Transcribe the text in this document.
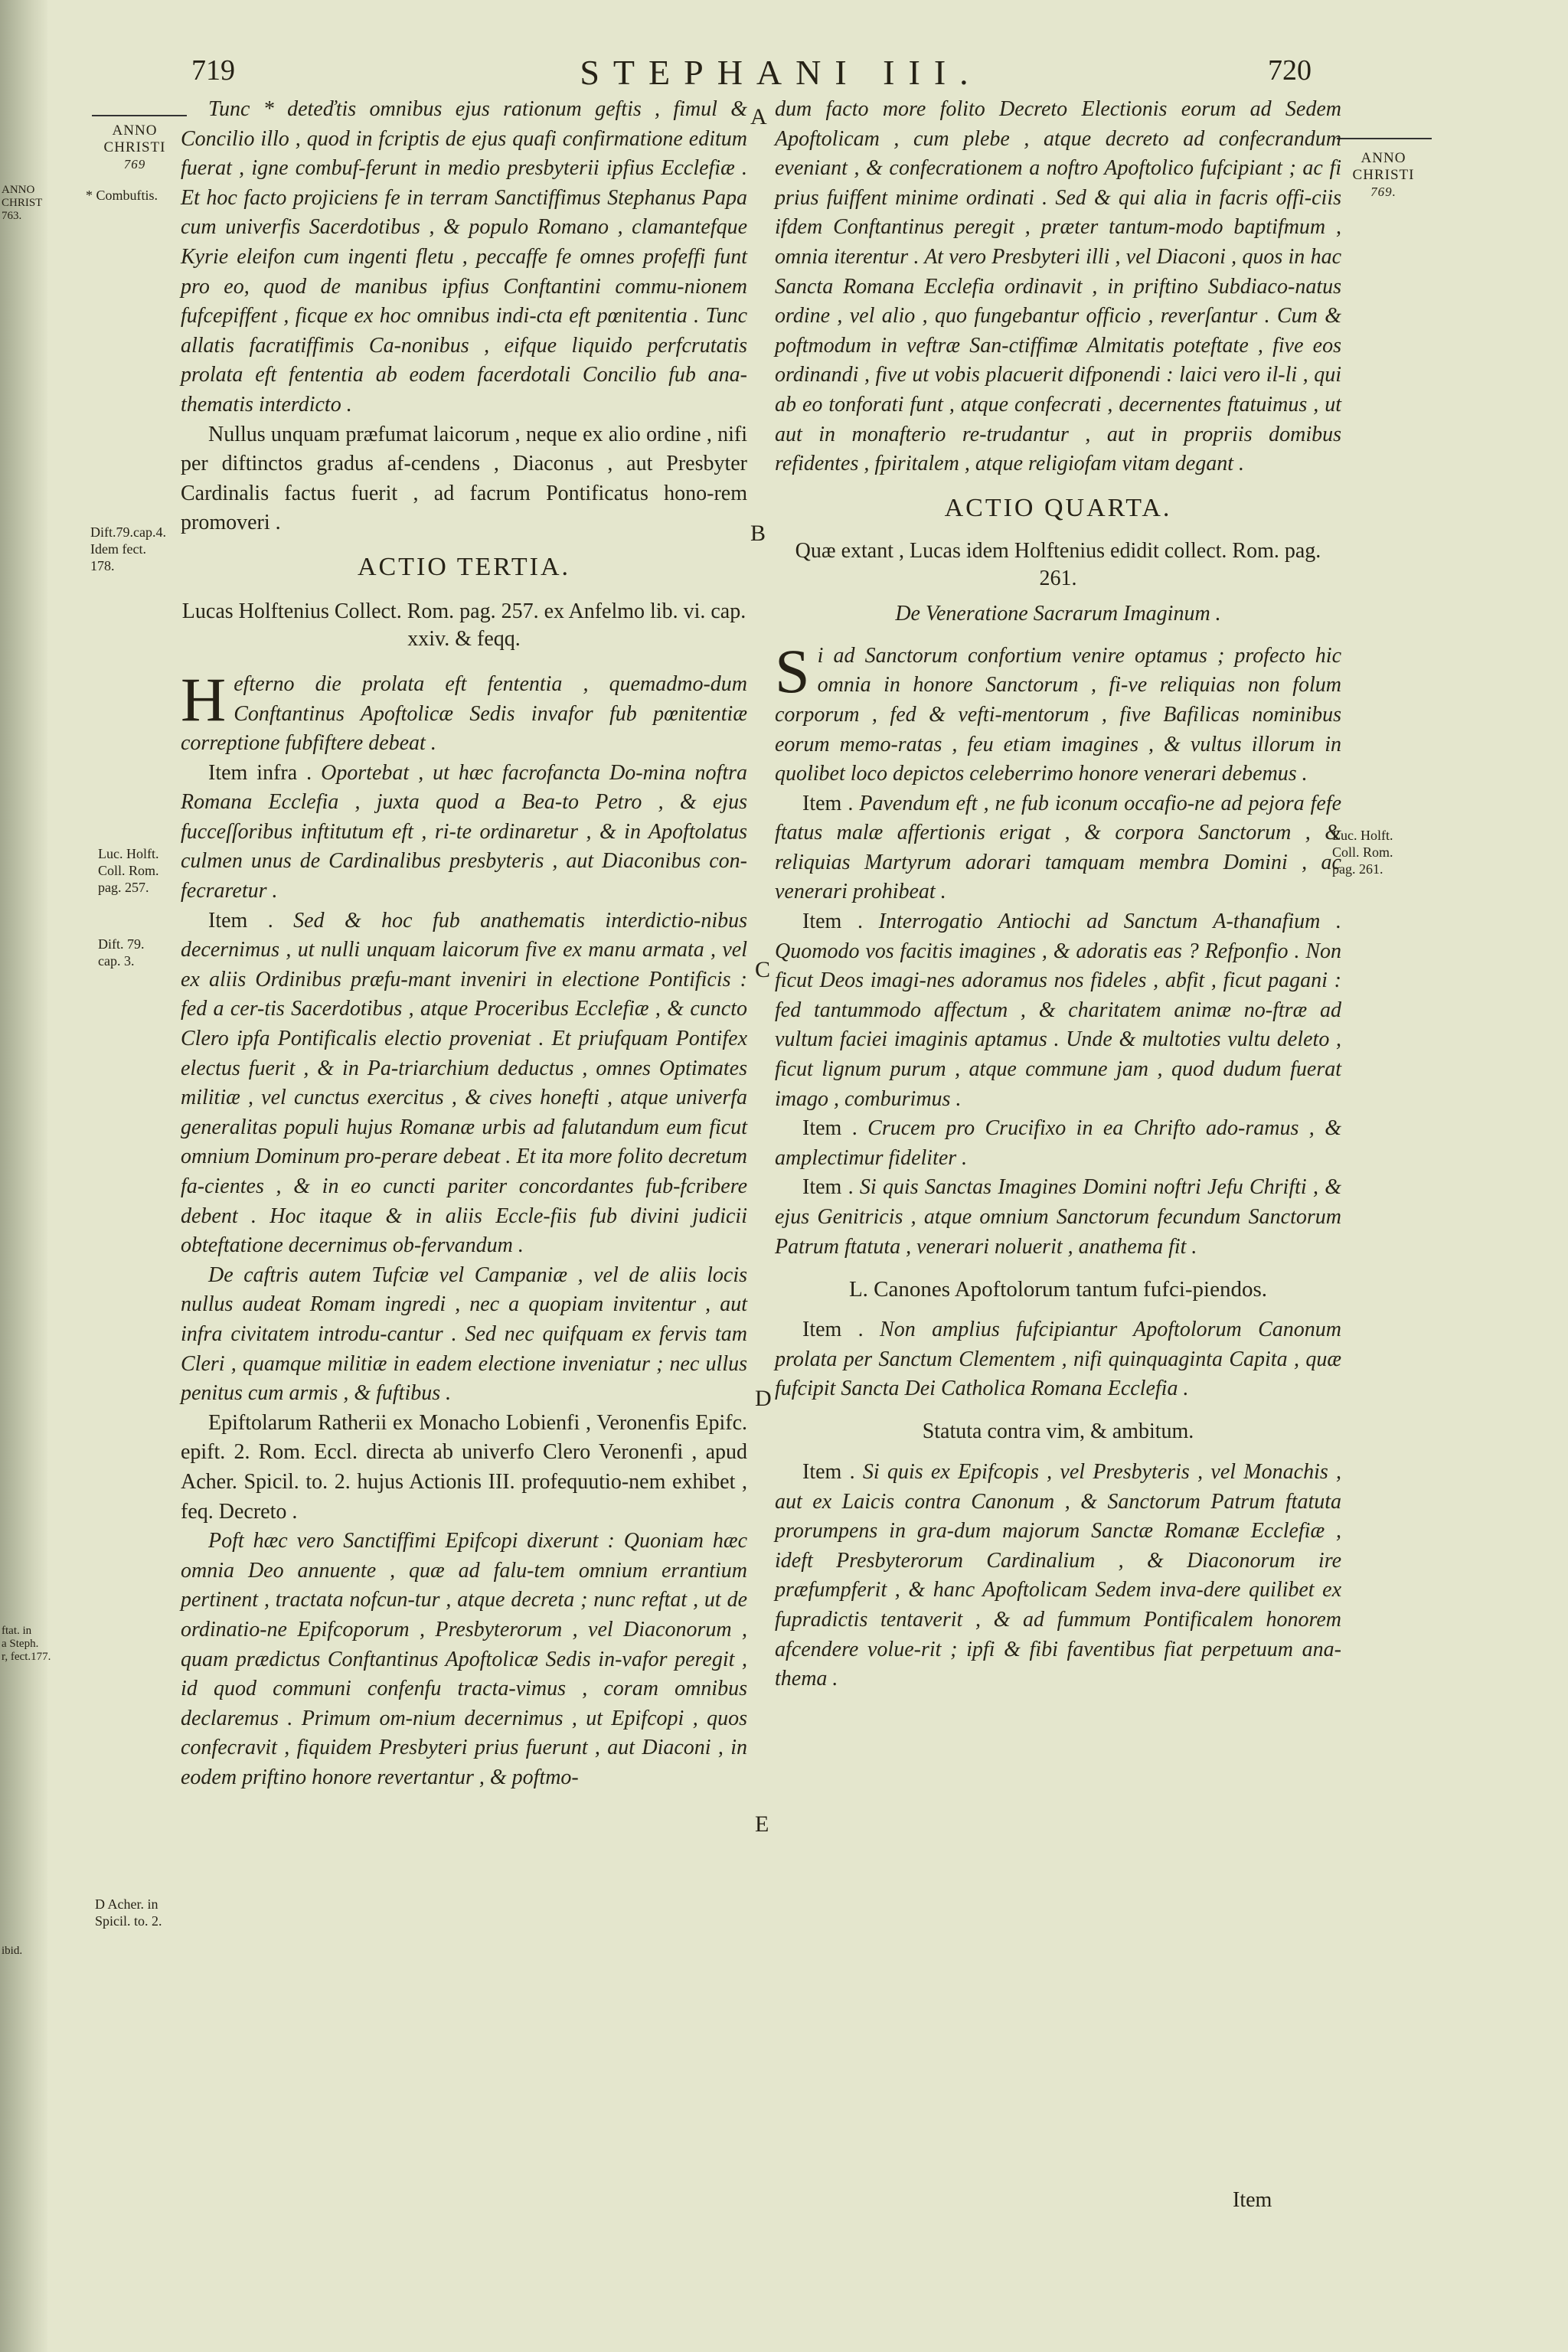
ANNO
CHRIST
763.
ftat. in
a Steph.
r, fect.177.
ibid.
719	STEPHANI III.	720
ANNO
CHRISTI
769	ANNO
CHRISTI
769.
* Combuftis.
Dift.79.cap.4.
Idem fect.
178.
Luc. Holft.
Coll. Rom.
pag. 257.
Dift. 79.
cap. 3.
D Acher. in
Spicil. to. 2.
Luc. Holft.
Coll. Rom.
pag. 261.
A
B
C
D
E

Tunc * deteďtis omnibus ejus rationum geftis , fimul & Concilio illo , quod in fcriptis de ejus quafi confirmatione editum fuerat , igne combuf-ferunt in medio presbyterii ipfius Ecclefiæ . Et hoc facto projiciens fe in terram Sanctiffimus Stephanus Papa cum univerfis Sacerdotibus , & populo Romano , clamantefque Kyrie eleifon cum ingenti fletu , peccaffe fe omnes profeffi funt pro eo, quod de manibus ipfius Conftantini commu-nionem fufcepiffent , ficque ex hoc omnibus indi-cta eft pœnitentia . Tunc allatis facratiffimis Ca-nonibus , eifque liquido perfcrutatis prolata eft fententia ab eodem facerdotali Concilio fub ana-thematis interdicto .

Nullus unquam præfumat laicorum , neque ex alio ordine , nifi per diftinctos gradus af-cendens , Diaconus , aut Presbyter Cardinalis factus fuerit , ad facrum Pontificatus hono-rem promoveri .

ACTIO TERTIA.

Lucas Holftenius Collect. Rom. pag. 257. ex Anfelmo lib. vi. cap. xxiv. & feqq.

Hefterno die prolata eft fententia , quemadmo-dum Conftantinus Apoftolicæ Sedis invafor fub pœnitentiæ correptione fubfiftere debeat .

Item infra . Oportebat , ut hæc facrofancta Do-mina noftra Romana Ecclefia , juxta quod a Bea-to Petro , & ejus fucceſſoribus inftitutum eft , ri-te ordinaretur , & in Apoftolatus culmen unus de Cardinalibus presbyteris , aut Diaconibus con-fecraretur .

Item . Sed & hoc fub anathematis interdictio-nibus decernimus , ut nulli unquam laicorum five ex manu armata , vel ex aliis Ordinibus præfu-mant inveniri in electione Pontificis : fed a cer-tis Sacerdotibus , atque Proceribus Ecclefiæ , & cuncto Clero ipfa Pontificalis electio proveniat . Et priufquam Pontifex electus fuerit , & in Pa-triarchium deductus , omnes Optimates militiæ , vel cunctus exercitus , & cives honefti , atque univerfa generalitas populi hujus Romanæ urbis ad falutandum eum ficut omnium Dominum pro-perare debeat . Et ita more folito decretum fa-cientes , & in eo cuncti pariter concordantes fub-fcribere debent . Hoc itaque & in aliis Eccle-fiis fub divini judicii obteftatione decernimus ob-fervandum .

De caftris autem Tufciæ vel Campaniæ , vel de aliis locis nullus audeat Romam ingredi , nec a quopiam invitentur , aut infra civitatem introdu-cantur . Sed nec quifquam ex fervis tam Cleri , quamque militiæ in eadem electione inveniatur ; nec ullus penitus cum armis , & fuftibus .

Epiftolarum Ratherii ex Monacho Lobienfi , Veronenfis Epifc. epift. 2. Rom. Eccl. directa ab univerfo Clero Veronenfi , apud Acher. Spicil. to. 2. hujus Actionis III. profequutio-nem exhibet , feq. Decreto .

Poft hæc vero Sanctiffimi Epifcopi dixerunt : Quoniam hæc omnia Deo annuente , quæ ad falu-tem omnium errantium pertinent , tractata nofcun-tur , atque decreta ; nunc reftat , ut de ordinatio-ne Epifcoporum , Presbyterorum , vel Diaconorum , quam prædictus Conftantinus Apoftolicæ Sedis in-vafor peregit , id quod communi confenfu tracta-vimus , coram omnibus declaremus . Primum om-nium decernimus , ut Epifcopi , quos confecravit , fiquidem Presbyteri prius fuerunt , aut Diaconi , in eodem priftino honore revertantur , & poftmo-

dum facto more folito Decreto Electionis eorum ad Sedem Apoftolicam , cum plebe , atque decreto ad confecrandum eveniant , & confecrationem a noftro Apoftolico fufcipiant ; ac fi prius fuiffent minime ordinati . Sed & qui alia in facris offi-ciis ifdem Conftantinus peregit , præter tantum-modo baptifmum , omnia iterentur . At vero Presbyteri illi , vel Diaconi , quos in hac Sancta Romana Ecclefia ordinavit , in priftino Subdiaco-natus ordine , vel alio , quo fungebantur officio , reverſantur . Cum & poftmodum in veftræ San-ctiffimæ Almitatis poteftate , five eos ordinandi , five ut vobis placuerit difponendi : laici vero il-li , qui ab eo tonforati funt , atque confecrati , decernentes ftatuimus , ut aut in monafterio re-trudantur , aut in propriis domibus refidentes , fpiritalem , atque religiofam vitam degant .

ACTIO QUARTA.

Quæ extant , Lucas idem Holftenius edidit collect. Rom. pag. 261.

De Veneratione Sacrarum Imaginum .

Si ad Sanctorum confortium venire optamus ; profecto hic omnia in honore Sanctorum , fi-ve reliquias non folum corporum , fed & vefti-mentorum , five Bafilicas nominibus eorum memo-ratas , feu etiam imagines , & vultus illorum in quolibet loco depictos celeberrimo honore venerari debemus .

Item . Pavendum eft , ne fub iconum occafio-ne ad pejora fefe ftatus malæ affertionis erigat , & corpora Sanctorum , & reliquias Martyrum adorari tamquam membra Domini , ac venerari prohibeat .

Item . Interrogatio Antiochi ad Sanctum A-thanafium . Quomodo vos facitis imagines , & adoratis eas ? Refponfio . Non ficut Deos imagi-nes adoramus nos fideles , abfit , ficut pagani : fed tantummodo affectum , & charitatem animæ no-ftræ ad vultum faciei imaginis aptamus . Unde & multoties vultu deleto , ficut lignum purum , atque commune jam , quod dudum fuerat imago , comburimus .

Item . Crucem pro Crucifixo in ea Chrifto ado-ramus , & amplectimur fideliter .

Item . Si quis Sanctas Imagines Domini noftri Jefu Chrifti , & ejus Genitricis , atque omnium Sanctorum fecundum Sanctorum Patrum ftatuta , venerari noluerit , anathema fit .

L. Canones Apoftolorum tantum fufci-piendos.

Item . Non amplius fufcipiantur Apoftolorum Canonum prolata per Sanctum Clementem , nifi quinquaginta Capita , quæ fufcipit Sancta Dei Catholica Romana Ecclefia .

Statuta contra vim, & ambitum.

Item . Si quis ex Epifcopis , vel Presbyteris , vel Monachis , aut ex Laicis contra Canonum , & Sanctorum Patrum ftatuta prorumpens in gra-dum majorum Sanctæ Romanæ Ecclefiæ , ideft Presbyterorum Cardinalium , & Diaconorum ire præfumpferit , & hanc Apoftolicam Sedem inva-dere quilibet ex fupradictis tentaverit , & ad fummum Pontificalem honorem afcendere volue-rit ; ipfi & fibi faventibus fiat perpetuum ana-thema .

Item
